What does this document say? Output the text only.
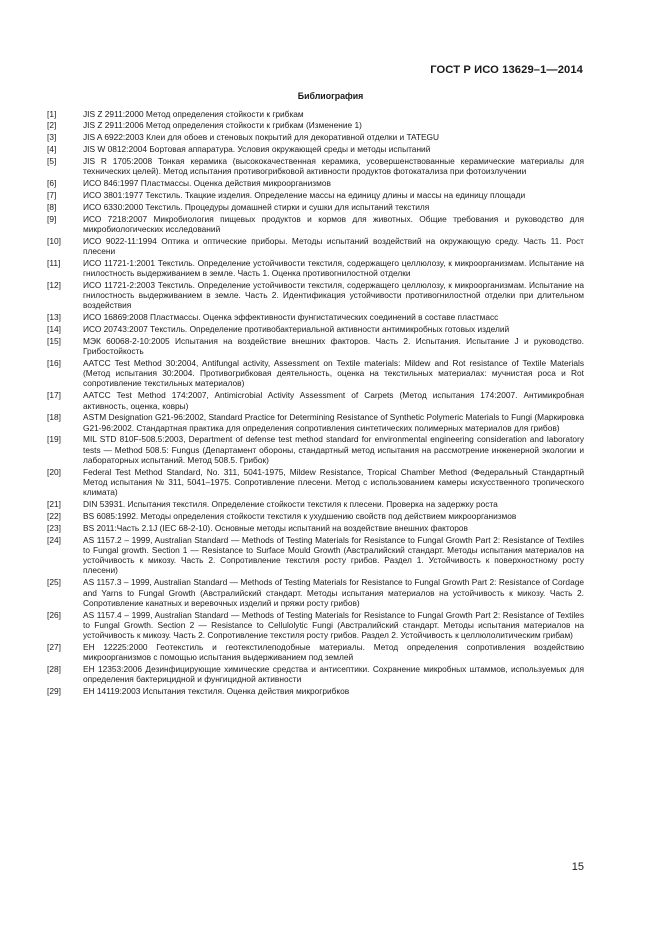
ГОСТ Р ИСО 13629–1—2014
Библиография
[1]	JIS Z 2911:2000 Метод определения стойкости к грибкам
[2]	JIS Z 2911:2006 Метод определения стойкости к грибкам (Изменение 1)
[3]	JIS A 6922:2003 Клеи для обоев и стеновых покрытий для декоративной отделки и TATEGU
[4]	JIS W 0812:2004 Бортовая аппаратура. Условия окружающей среды и методы испытаний
[5]	JIS R 1705:2008 Тонкая керамика (высококачественная керамика, усовершенствованные керамические материалы для технических целей). Метод испытания противогрибковой активности продуктов фотокатализа при фотоизлучении
[6]	ИСО 846:1997 Пластмассы. Оценка действия микроорганизмов
[7]	ИСО 3801:1977 Текстиль. Ткацкие изделия. Определение массы на единицу длины и массы на единицу площади
[8]	ИСО 6330:2000 Текстиль. Процедуры домашней стирки и сушки для испытаний текстиля
[9]	ИСО 7218:2007 Микробиология пищевых продуктов и кормов для животных. Общие требования и руководство для микробиологических исследований
[10]	ИСО 9022-11:1994 Оптика и оптические приборы. Методы испытаний воздействий на окружающую среду. Часть 11. Рост плесени
[11]	ИСО 11721-1:2001 Текстиль. Определение устойчивости текстиля, содержащего целлюлозу, к микроорганизмам. Испытание на гнилостность выдерживанием в земле. Часть 1. Оценка противогнилостной отделки
[12]	ИСО 11721-2:2003 Текстиль. Определение устойчивости текстиля, содержащего целлюлозу, к микроорганизмам. Испытание на гнилостность выдерживанием в земле. Часть 2. Идентификация устойчивости противогнилостной отделки при длительном воздействия
[13]	ИСО 16869:2008 Пластмассы. Оценка эффективности фунгистатических соединений в составе пластмасс
[14]	ИСО 20743:2007 Текстиль. Определение противобактериальной активности антимикробных готовых изделий
[15]	МЭК 60068-2-10:2005 Испытания на воздействие внешних факторов. Часть 2. Испытания. Испытание J и руководство. Грибостойкость
[16]	AATCC Test Method 30:2004, Antifungal activity, Assessment on Textile materials: Mildew and Rot resistance of Textile Materials (Метод испытания 30:2004. Противогрибковая деятельность, оценка на текстильных материалах: мучнистая роса и Rot сопротивление текстильных материалов)
[17]	AATCC Test Method 174:2007, Antimicrobial Activity Assessment of Carpets (Метод испытания 174:2007. Антимикробная активность, оценка, ковры)
[18]	ASTM Designation G21-96:2002, Standard Practice for Determining Resistance of Synthetic Polymeric Materials to Fungi (Маркировка G21-96:2002. Стандартная практика для определения сопротивления синтетических полимерных материалов для грибов)
[19]	MIL STD 810F-508.5:2003, Department of defense test method standard for environmental engineering consideration and laboratory tests — Method 508.5: Fungus (Департамент обороны, стандартный метод испытания на рассмотрение инженерной экологии и лабораторных испытаний. Метод 508.5. Грибок)
[20]	Federal Test Method Standard, No. 311, 5041-1975, Mildew Resistance, Tropical Chamber Method (Федеральный Стандартный Метод испытания № 311, 5041–1975. Сопротивление плесени. Метод с использованием камеры искусственного тропического климата)
[21]	DIN 53931. Испытания текстиля. Определение стойкости текстиля к плесени. Проверка на задержку роста
[22]	BS 6085:1992. Методы определения стойкости текстиля к ухудшению свойств под действием микроорганизмов
[23]	BS 2011:Часть 2.1J (IEC 68-2-10). Основные методы испытаний на воздействие внешних факторов
[24]	AS 1157.2 – 1999, Australian Standard — Methods of Testing Materials for Resistance to Fungal Growth Part 2: Resistance of Textiles to Fungal growth. Section 1 — Resistance to Surface Mould Growth (Австралийский стандарт. Методы испытания материалов на устойчивость к микозу. Часть 2. Сопротивление текстиля росту грибов. Раздел 1. Устойчивость к поверхностному росту плесени)
[25]	AS 1157.3 – 1999, Australian Standard — Methods of Testing Materials for Resistance to Fungal Growth Part 2: Resistance of Cordage and Yarns to Fungal Growth (Австралийский стандарт. Методы испытания материалов на устойчивость к микозу. Часть 2. Сопротивление канатных и веревочных изделий и пряжи росту грибов)
[26]	AS 1157.4 – 1999, Australian Standard — Methods of Testing Materials for Resistance to Fungal Growth Part 2: Resistance of Textiles to Fungal Growth. Section 2 — Resistance to Cellulolytic Fungi (Австралийский стандарт. Методы испытания материалов на устойчивость к микозу. Часть 2. Сопротивление текстиля росту грибов. Раздел 2. Устойчивость к целлюлолитическим грибам)
[27]	EH 12225:2000 Геотекстиль и геотекстилеподобные материалы. Метод определения сопротивления воздействию микроорганизмов с помощью испытания выдерживанием под землей
[28]	EH 12353:2006 Дезинфицирующие химические средства и антисептики. Сохранение микробных штаммов, используемых для определения бактерицидной и фунгицидной активности
[29]	EH 14119:2003 Испытания текстиля. Оценка действия микрогрибков
15
